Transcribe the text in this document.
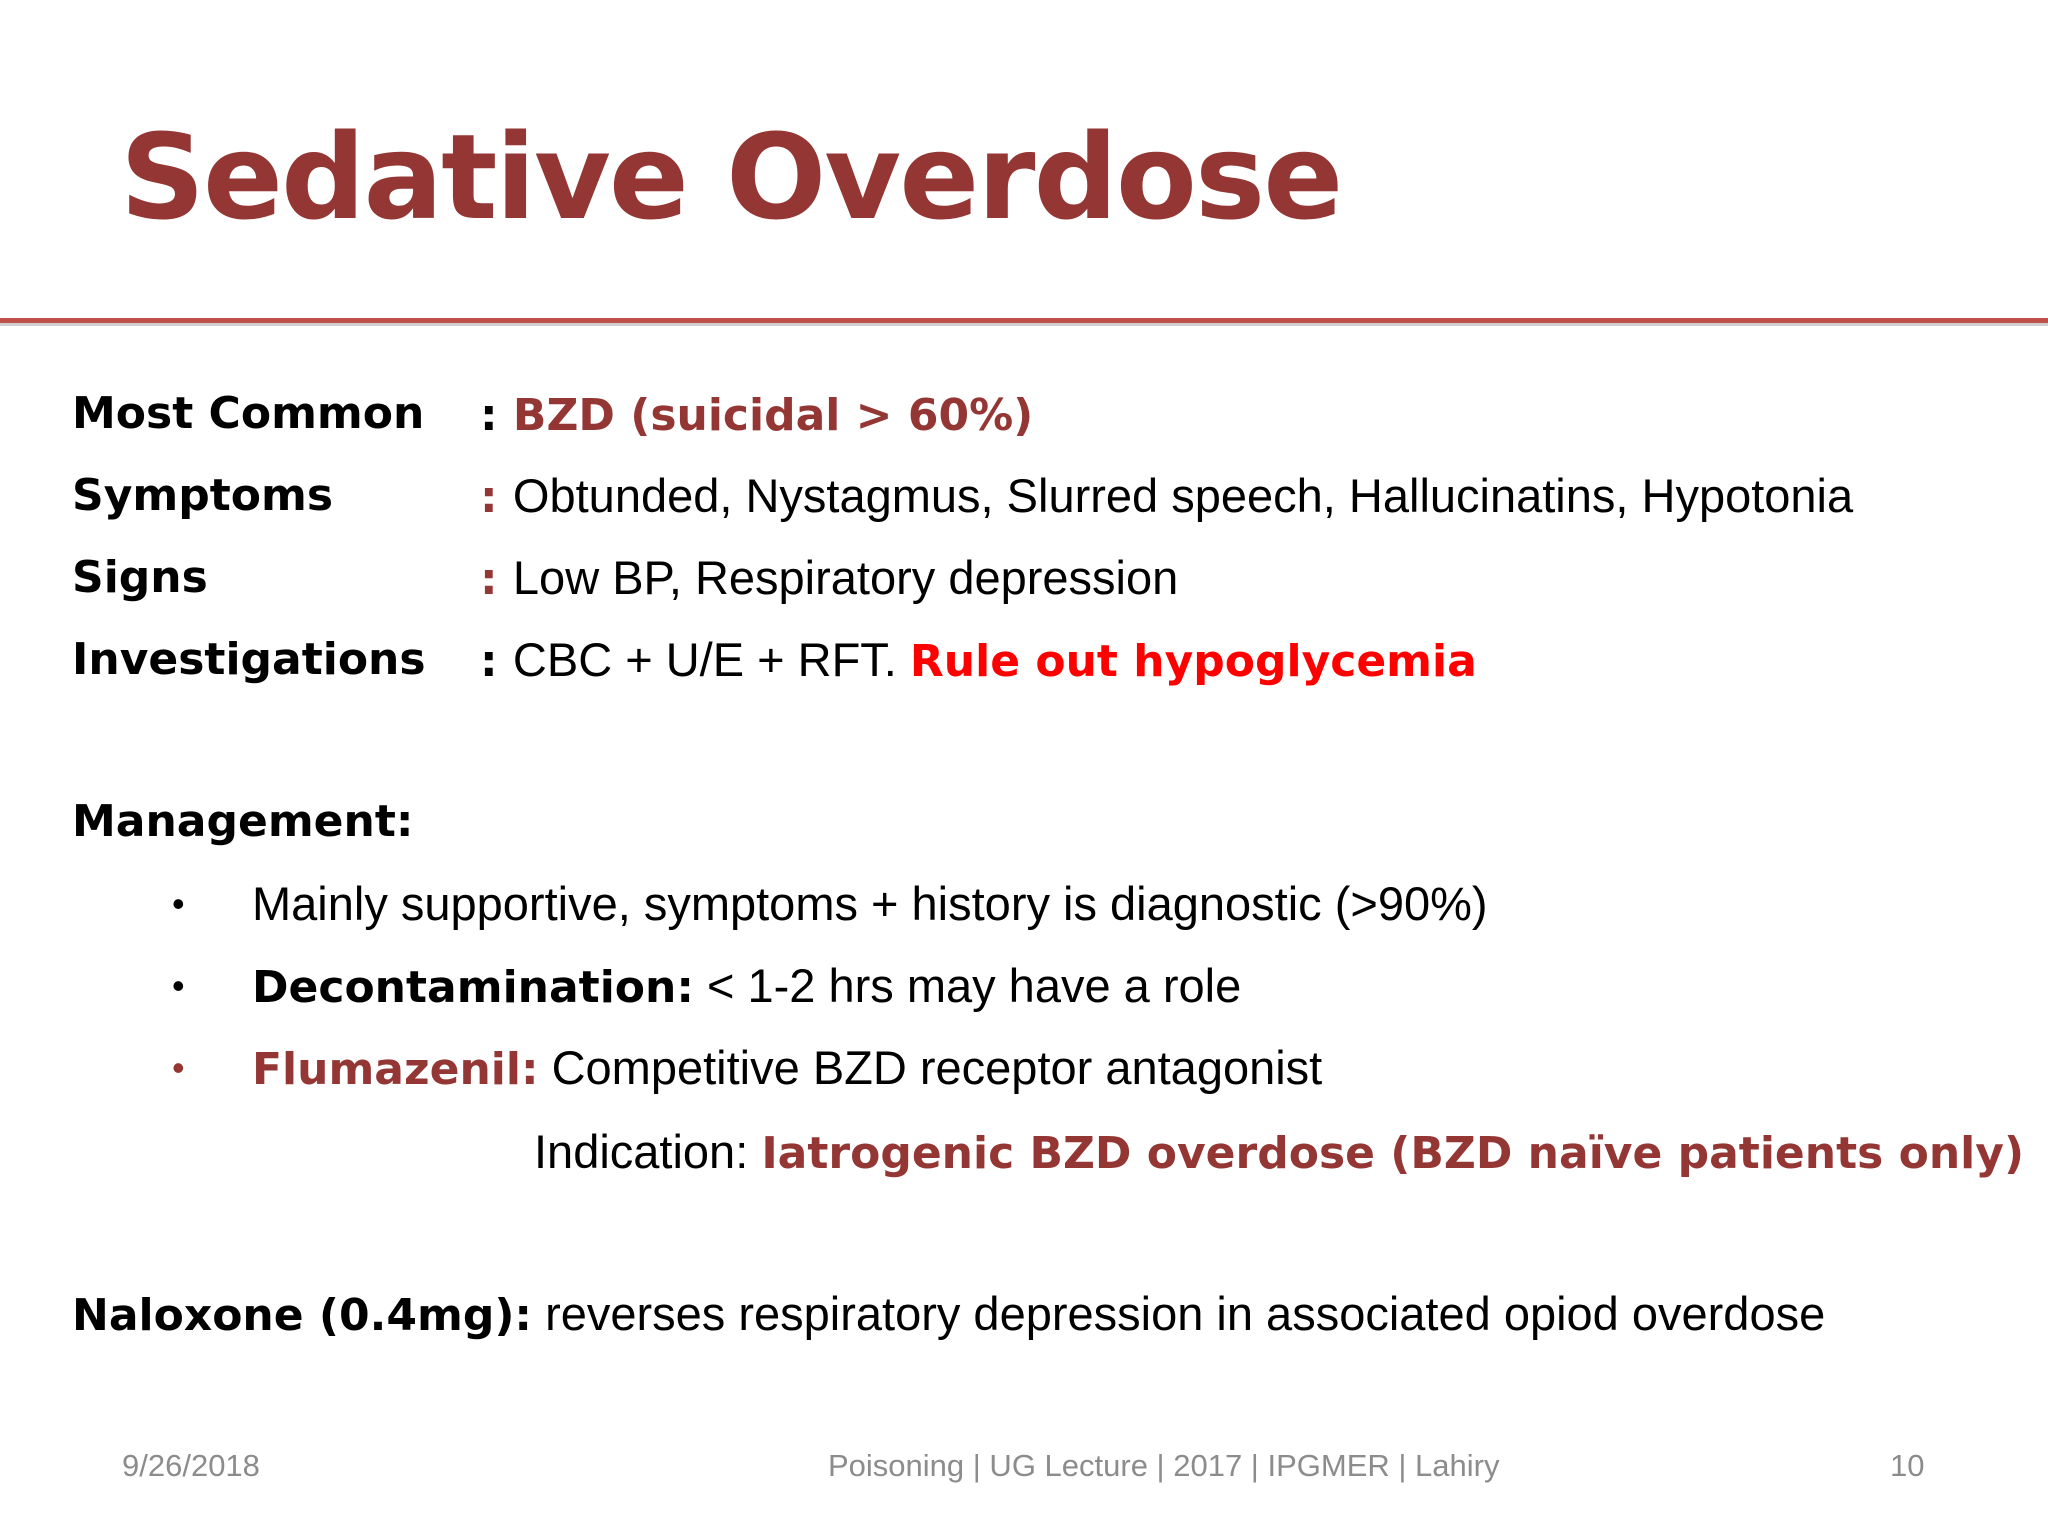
Sedative Overdose
Most Common : BZD (suicidal > 60%)
Symptoms	: Obtunded, Nystagmus, Slurred speech, Hallucinatins, Hypotonia
Signs	: Low BP, Respiratory depression
Investigations : CBC + U/E + RFT. Rule out hypoglycemia
Management:
• Mainly supportive, symptoms + history is diagnostic (>90%)
• Decontamination: < 1-2 hrs may have a role
• Flumazenil: Competitive BZD receptor antagonist
Indication: Iatrogenic BZD overdose (BZD naïve patients only)
Naloxone (0.4mg): reverses respiratory depression in associated opiod overdose
9/26/2018	Poisoning | UG Lecture | 2017 | IPGMER | Lahiry	10
